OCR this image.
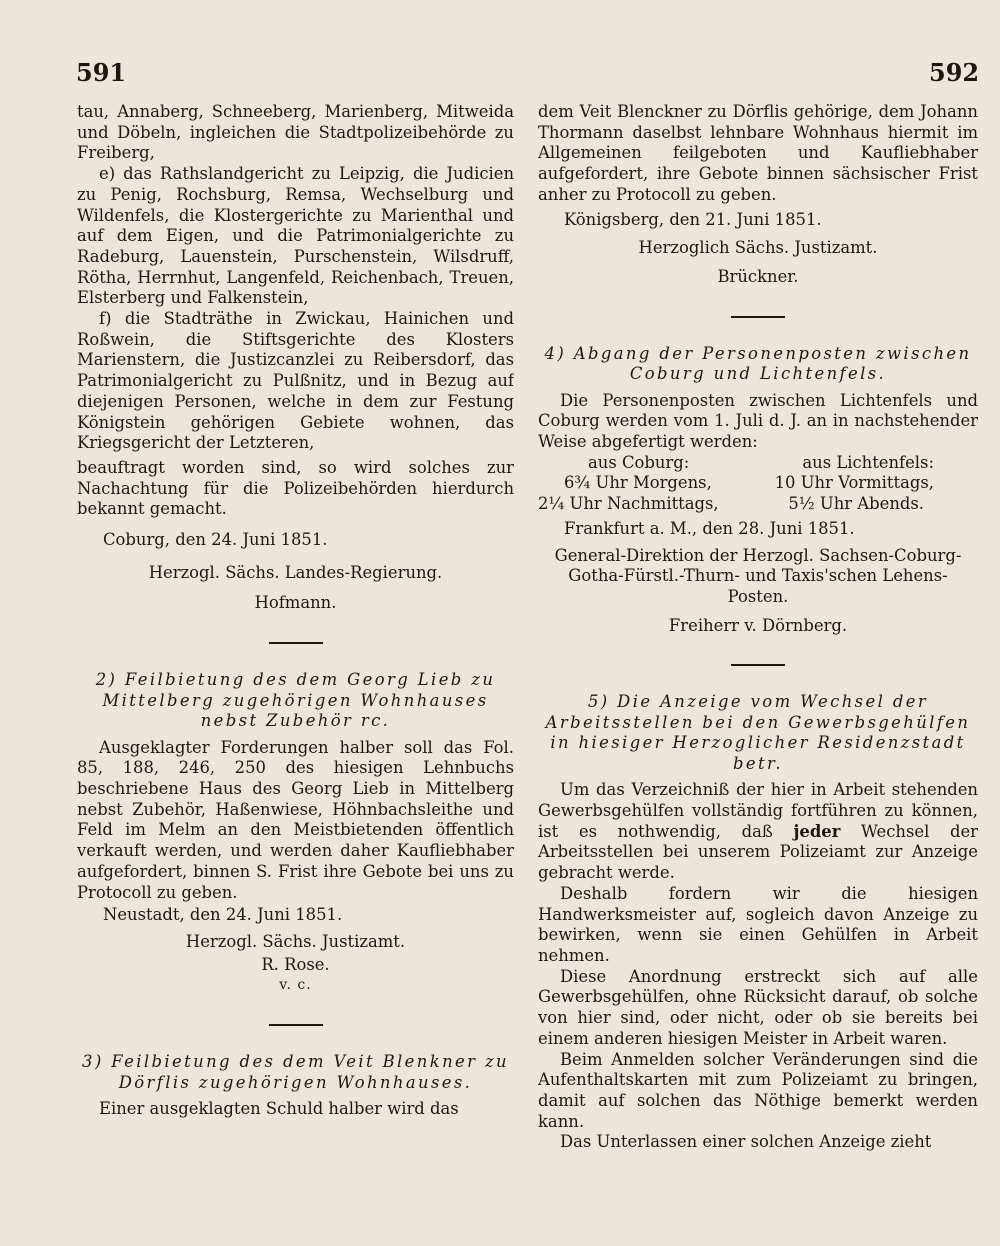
591	592

tau, Annaberg, Schneeberg, Marienberg, Mitweida und Döbeln, ingleichen die Stadtpolizeibehörde zu Freiberg,

e) das Rathslandgericht zu Leipzig, die Judicien zu Penig, Rochsburg, Remsa, Wechselburg und Wildenfels, die Klostergerichte zu Marienthal und auf dem Eigen, und die Patrimonialgerichte zu Radeburg, Lauenstein, Purschenstein, Wilsdruff, Rötha, Herrnhut, Langenfeld, Reichenbach, Treuen, Elsterberg und Falkenstein,

f) die Stadträthe in Zwickau, Hainichen und Roßwein, die Stiftsgerichte des Klosters Marienstern, die Justizcanzlei zu Reibersdorf, das Patrimonialgericht zu Pulßnitz, und in Bezug auf diejenigen Personen, welche in dem zur Festung Königstein gehörigen Gebiete wohnen, das Kriegsgericht der Letzteren,

beauftragt worden sind, so wird solches zur Nachachtung für die Polizeibehörden hierdurch bekannt gemacht.

Coburg, den 24. Juni 1851.

Herzogl. Sächs. Landes-Regierung.

Hofmann.

2) Feilbietung des dem Georg Lieb zu Mittelberg zugehörigen Wohnhauses nebst Zubehör rc.

Ausgeklagter Forderungen halber soll das Fol. 85, 188, 246, 250 des hiesigen Lehnbuchs beschriebene Haus des Georg Lieb in Mittelberg nebst Zubehör, Haßenwiese, Höhnbachsleithe und Feld im Melm an den Meistbietenden öffentlich verkauft werden, und werden daher Kaufliebhaber aufgefordert, binnen S. Frist ihre Gebote bei uns zu Protocoll zu geben.

Neustadt, den 24. Juni 1851.

Herzogl. Sächs. Justizamt.

R. Rose.

v. c.

3) Feilbietung des dem Veit Blenkner zu Dörflis zugehörigen Wohnhauses.

Einer ausgeklagten Schuld halber wird das

dem Veit Blenckner zu Dörflis gehörige, dem Johann Thormann daselbst lehnbare Wohnhaus hiermit im Allgemeinen feilgeboten und Kaufliebhaber aufgefordert, ihre Gebote binnen sächsischer Frist anher zu Protocoll zu geben.

Königsberg, den 21. Juni 1851.

Herzoglich Sächs. Justizamt.

Brückner.

4) Abgang der Personenposten zwischen Coburg und Lichtenfels.

Die Personenposten zwischen Lichtenfels und Coburg werden vom 1. Juli d. J. an in nachstehender Weise abgefertigt werden:

aus Coburg:	aus Lichtenfels:
6¾ Uhr Morgens,	10 Uhr Vormittags,
2¼ Uhr Nachmittags,	5½ Uhr Abends.

Frankfurt a. M., den 28. Juni 1851.

General-Direktion der Herzogl. Sachsen-Coburg-Gotha-Fürstl.-Thurn- und Taxis'schen Lehens-Posten.

Freiherr v. Dörnberg.

5) Die Anzeige vom Wechsel der Arbeitsstellen bei den Gewerbsgehülfen in hiesiger Herzoglicher Residenzstadt betr.

Um das Verzeichniß der hier in Arbeit stehenden Gewerbsgehülfen vollständig fortführen zu können, ist es nothwendig, daß jeder Wechsel der Arbeitsstellen bei unserem Polizeiamt zur Anzeige gebracht werde.

Deshalb fordern wir die hiesigen Handwerksmeister auf, sogleich davon Anzeige zu bewirken, wenn sie einen Gehülfen in Arbeit nehmen.

Diese Anordnung erstreckt sich auf alle Gewerbsgehülfen, ohne Rücksicht darauf, ob solche von hier sind, oder nicht, oder ob sie bereits bei einem anderen hiesigen Meister in Arbeit waren.

Beim Anmelden solcher Veränderungen sind die Aufenthaltskarten mit zum Polizeiamt zu bringen, damit auf solchen das Nöthige bemerkt werden kann.

Das Unterlassen einer solchen Anzeige zieht
